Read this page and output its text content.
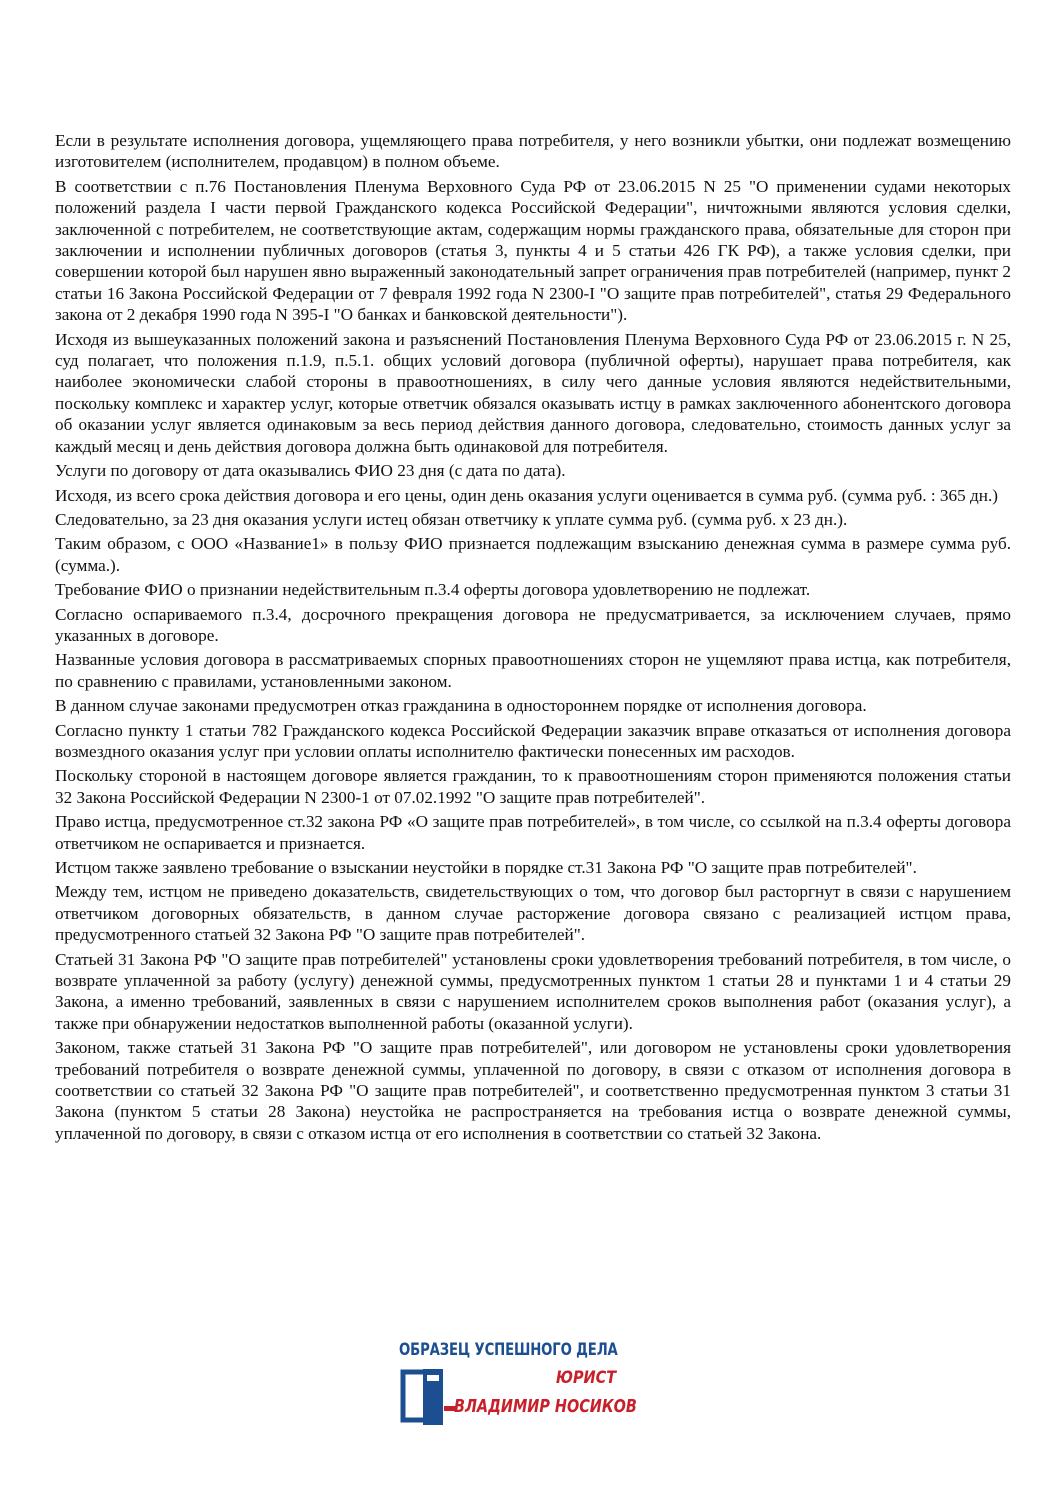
Если в результате исполнения договора, ущемляющего права потребителя, у него возникли убытки, они подлежат возмещению изготовителем (исполнителем, продавцом) в полном объеме.

В соответствии с п.76 Постановления Пленума Верховного Суда РФ от 23.06.2015 N 25 "О применении судами некоторых положений раздела I части первой Гражданского кодекса Российской Федерации", ничтожными являются условия сделки, заключенной с потребителем, не соответствующие актам, содержащим нормы гражданского права, обязательные для сторон при заключении и исполнении публичных договоров (статья 3, пункты 4 и 5 статьи 426 ГК РФ), а также условия сделки, при совершении которой был нарушен явно выраженный законодательный запрет ограничения прав потребителей (например, пункт 2 статьи 16 Закона Российской Федерации от 7 февраля 1992 года N 2300-I "О защите прав потребителей", статья 29 Федерального закона от 2 декабря 1990 года N 395-I "О банках и банковской деятельности").

Исходя из вышеуказанных положений закона и разъяснений Постановления Пленума Верховного Суда РФ от 23.06.2015 г. N 25, суд полагает, что положения п.1.9, п.5.1. общих условий договора (публичной оферты), нарушает права потребителя, как наиболее экономически слабой стороны в правоотношениях, в силу чего данные условия являются недействительными, поскольку комплекс и характер услуг, которые ответчик обязался оказывать истцу в рамках заключенного абонентского договора об оказании услуг является одинаковым за весь период действия данного договора, следовательно, стоимость данных услуг за каждый месяц и день действия договора должна быть одинаковой для потребителя.

Услуги по договору от дата оказывались ФИО 23 дня (с дата по дата).

Исходя, из всего срока действия договора и его цены, один день оказания услуги оценивается в сумма руб. (сумма руб. : 365 дн.)

Следовательно, за 23 дня оказания услуги истец обязан ответчику к уплате сумма руб. (сумма руб. х 23 дн.).

Таким образом, с ООО «Название1» в пользу ФИО признается подлежащим взысканию денежная сумма в размере сумма руб. (сумма.).

Требование ФИО о признании недействительным п.3.4 оферты договора удовлетворению не подлежат.

Согласно оспариваемого п.3.4, досрочного прекращения договора не предусматривается, за исключением случаев, прямо указанных в договоре.

Названные условия договора в рассматриваемых спорных правоотношениях сторон не ущемляют права истца, как потребителя, по сравнению с правилами, установленными законом.

В данном случае законами предусмотрен отказ гражданина в одностороннем порядке от исполнения договора.

Согласно пункту 1 статьи 782 Гражданского кодекса Российской Федерации заказчик вправе отказаться от исполнения договора возмездного оказания услуг при условии оплаты исполнителю фактически понесенных им расходов.

Поскольку стороной в настоящем договоре является гражданин, то к правоотношениям сторон применяются положения статьи 32 Закона Российской Федерации N 2300-1 от 07.02.1992 "О защите прав потребителей".

Право истца, предусмотренное ст.32 закона РФ «О защите прав потребителей», в том числе, со ссылкой на п.3.4 оферты договора ответчиком не оспаривается и признается.

Истцом также заявлено требование о взыскании неустойки в порядке ст.31 Закона РФ "О защите прав потребителей".

Между тем, истцом не приведено доказательств, свидетельствующих о том, что договор был расторгнут в связи с нарушением ответчиком договорных обязательств, в данном случае расторжение договора связано с реализацией истцом права, предусмотренного статьей 32 Закона РФ "О защите прав потребителей".

Статьей 31 Закона РФ "О защите прав потребителей" установлены сроки удовлетворения требований потребителя, в том числе, о возврате уплаченной за работу (услугу) денежной суммы, предусмотренных пунктом 1 статьи 28 и пунктами 1 и 4 статьи 29 Закона, а именно требований, заявленных в связи с нарушением исполнителем сроков выполнения работ (оказания услуг), а также при обнаружении недостатков выполненной работы (оказанной услуги).

Законом, также статьей 31 Закона РФ "О защите прав потребителей", или договором не установлены сроки удовлетворения требований потребителя о возврате денежной суммы, уплаченной по договору, в связи с отказом от исполнения договора в соответствии со статьей 32 Закона РФ "О защите прав потребителей", и соответственно предусмотренная пунктом 3 статьи 31 Закона (пунктом 5 статьи 28 Закона) неустойка не распространяется на требования истца о возврате денежной суммы, уплаченной по договору, в связи с отказом истца от его исполнения в соответствии со статьей 32 Закона.

ОБРАЗЕЦ УСПЕШНОГО ДЕЛА
ЮРИСТ
ВЛАДИМИР НОСИКОВ
